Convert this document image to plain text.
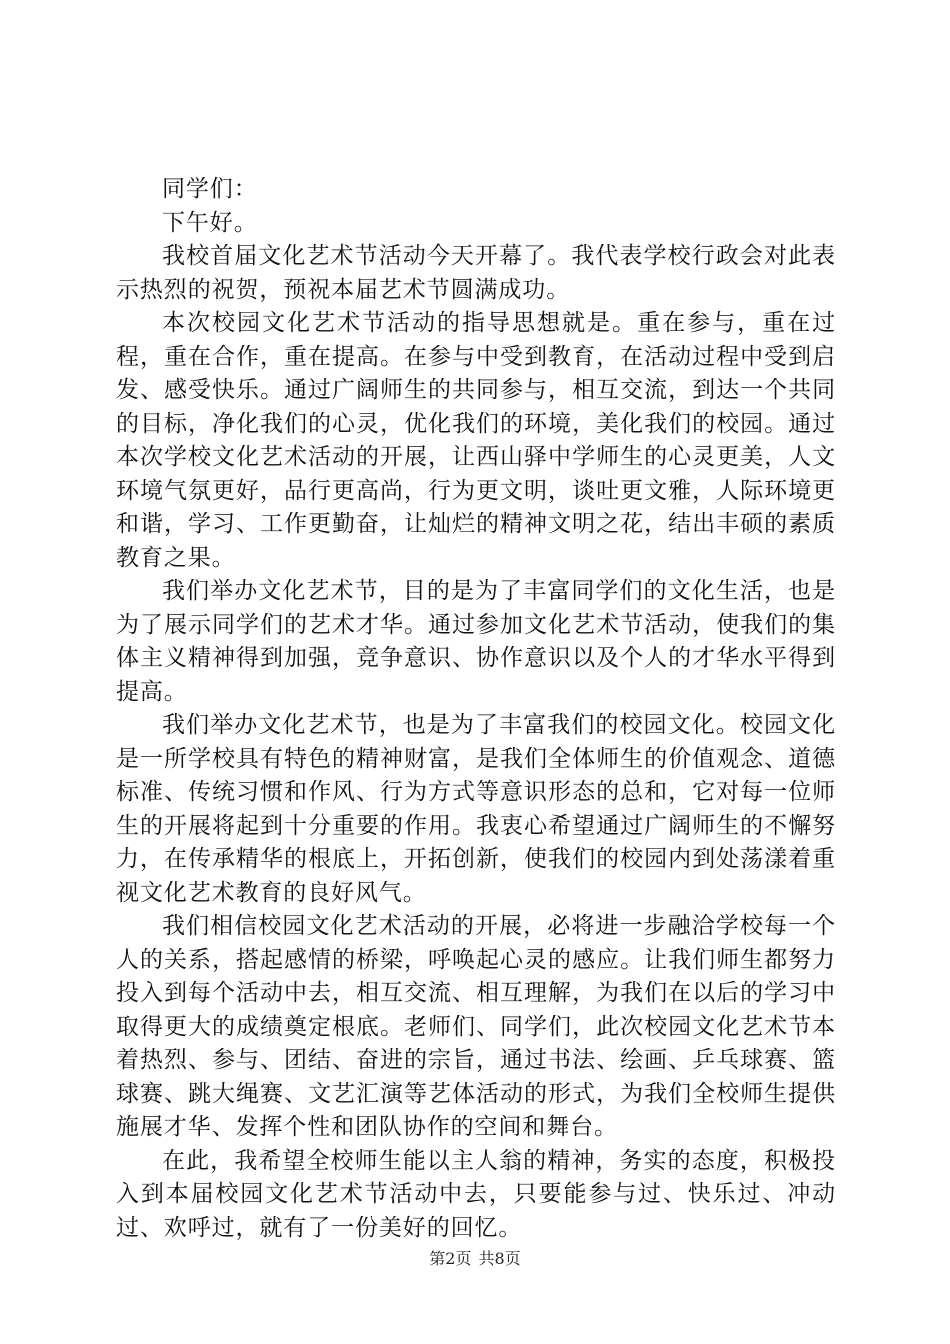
同学们：

下午好。

我校首届文化艺术节活动今天开幕了。我代表学校行政会对此表示热烈的祝贺，预祝本届艺术节圆满成功。

本次校园文化艺术节活动的指导思想就是。重在参与，重在过程，重在合作，重在提高。在参与中受到教育，在活动过程中受到启发、感受快乐。通过广阔师生的共同参与，相互交流，到达一个共同的目标，净化我们的心灵，优化我们的环境，美化我们的校园。通过本次学校文化艺术活动的开展，让西山驿中学师生的心灵更美，人文环境气氛更好，品行更高尚，行为更文明，谈吐更文雅，人际环境更和谐，学习、工作更勤奋，让灿烂的精神文明之花，结出丰硕的素质教育之果。

我们举办文化艺术节，目的是为了丰富同学们的文化生活，也是为了展示同学们的艺术才华。通过参加文化艺术节活动，使我们的集体主义精神得到加强，竞争意识、协作意识以及个人的才华水平得到提高。

我们举办文化艺术节，也是为了丰富我们的校园文化。校园文化是一所学校具有特色的精神财富，是我们全体师生的价值观念、道德标准、传统习惯和作风、行为方式等意识形态的总和，它对每一位师生的开展将起到十分重要的作用。我衷心希望通过广阔师生的不懈努力，在传承精华的根底上，开拓创新，使我们的校园内到处荡漾着重视文化艺术教育的良好风气。

我们相信校园文化艺术活动的开展，必将进一步融洽学校每一个人的关系，搭起感情的桥梁，呼唤起心灵的感应。让我们师生都努力投入到每个活动中去，相互交流、相互理解，为我们在以后的学习中取得更大的成绩奠定根底。老师们、同学们，此次校园文化艺术节本着热烈、参与、团结、奋进的宗旨，通过书法、绘画、乒乓球赛、篮球赛、跳大绳赛、文艺汇演等艺体活动的形式，为我们全校师生提供施展才华、发挥个性和团队协作的空间和舞台。

在此，我希望全校师生能以主人翁的精神，务实的态度，积极投入到本届校园文化艺术节活动中去，只要能参与过、快乐过、冲动过、欢呼过，就有了一份美好的回忆。

第2页 共8页
